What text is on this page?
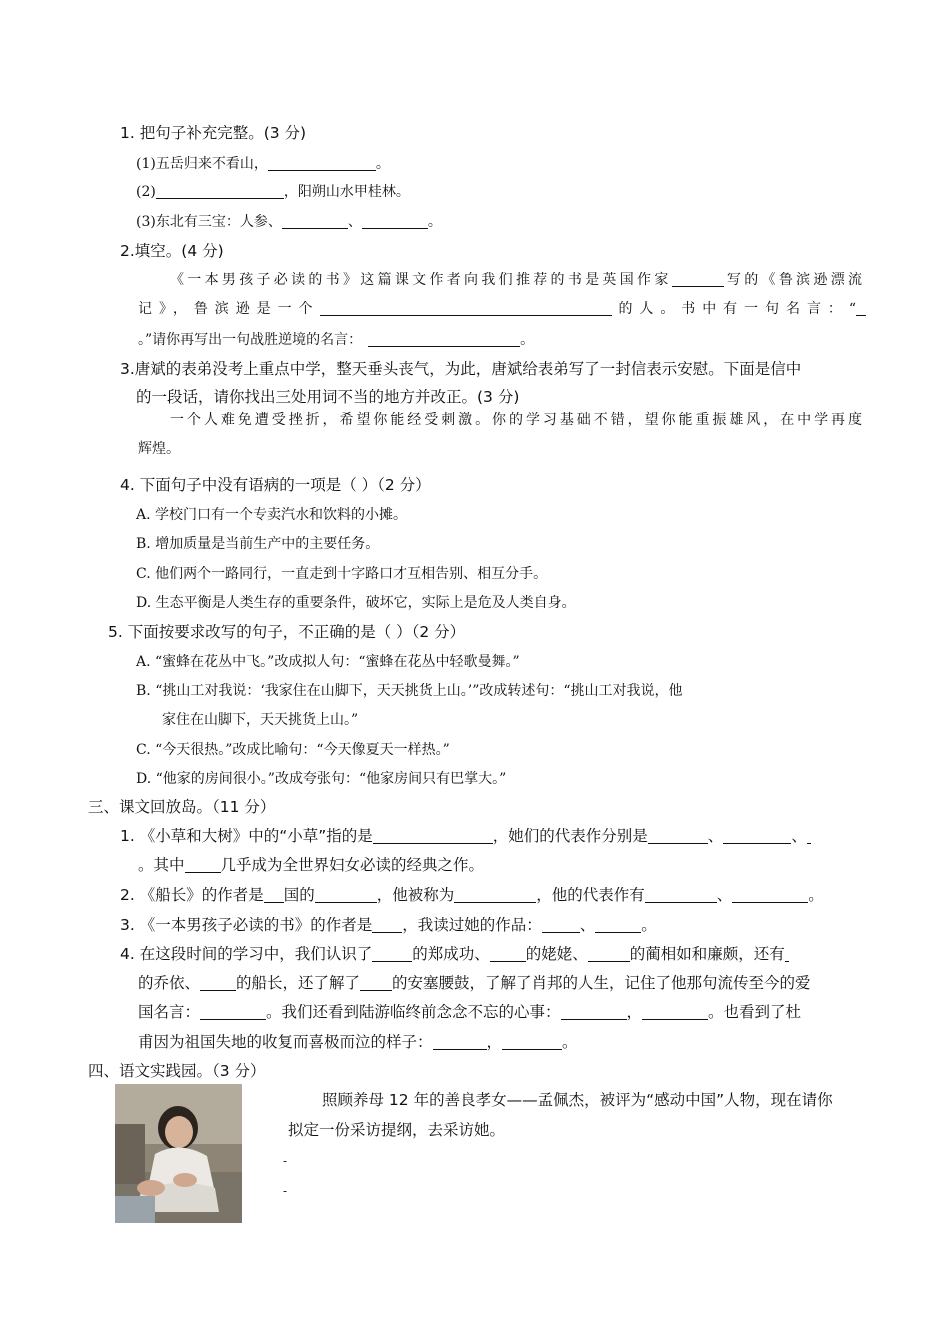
1. 把句子补充完整。(3 分)
(1)五岳归来不看山，	。
(2)	，阳朔山水甲桂林。
(3)东北有三宝：人参、	、	。
2.填空。(4 分)
《一本男孩子必读的书》这篇课文作者向我们推荐的书是英国作家	写的《鲁滨逊漂流
记》，鲁滨逊是一个	的人。书中有一句名言：“
。”请你再写出一句战胜逆境的名言：	。
3.唐斌的表弟没考上重点中学，整天垂头丧气，为此，唐斌给表弟写了一封信表示安慰。下面是信中
的一段话，请你找出三处用词不当的地方并改正。(3 分)
一个人难免遭受挫折，希望你能经受刺激。你的学习基础不错，望你能重振雄风，在中学再度
辉煌。
4. 下面句子中没有语病的一项是（ ）（2 分）
A. 学校门口有一个专卖汽水和饮料的小摊。
B. 增加质量是当前生产中的主要任务。
C. 他们两个一路同行，一直走到十字路口才互相告别、相互分手。
D. 生态平衡是人类生存的重要条件，破坏它，实际上是危及人类自身。
5. 下面按要求改写的句子，不正确的是（ ）（2 分）
A. “蜜蜂在花丛中飞。”改成拟人句：“蜜蜂在花丛中轻歌曼舞。”
B. “挑山工对我说：‘我家住在山脚下，天天挑货上山。’”改成转述句：“挑山工对我说，他
家住在山脚下，天天挑货上山。”
C. “今天很热。”改成比喻句：“今天像夏天一样热。”
D. “他家的房间很小。”改成夸张句：“他家房间只有巴掌大。”
三、课文回放岛。（11 分）
1. 《小草和大树》中的“小草”指的是	，她们的代表作分别是	、	、
。其中 几乎成为全世界妇女必读的经典之作。
2. 《船长》的作者是 国的	，他被称为	，他的代表作有	、	。
3. 《一本男孩子必读的书》的作者是 ，我读过她的作品： 、	。
4. 在这段时间的学习中，我们认识了	的郑成功、 的姥姥、	的蔺相如和廉颇，还有
的乔依、 的船长，还了解了 的安塞腰鼓，了解了肖邦的人生，记住了他那句流传至今的爱
国名言：	。我们还看到陆游临终前念念不忘的心事：	，	。也看到了杜
甫因为祖国失地的收复而喜极而泣的样子：	，	。
四、语文实践园。（3 分）
照顾养母 12 年的善良孝女——孟佩杰，被评为“感动中国”人物，现在请你
拟定一份采访提纲，去采访她。
-
-
